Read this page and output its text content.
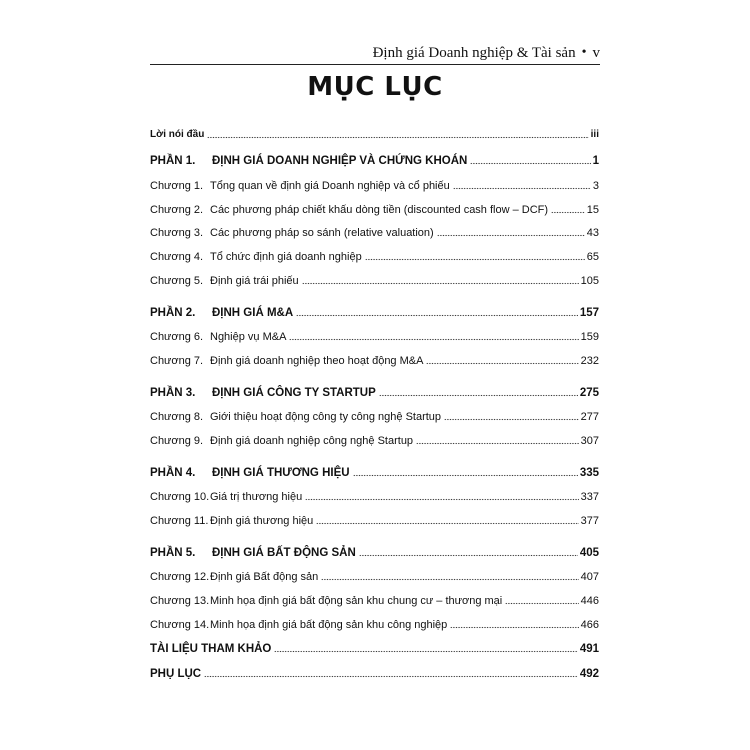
Định giá Doanh nghiệp & Tài sản • v
MỤC LỤC
Lời nói đầu	iii
PHẦN 1.	ĐỊNH GIÁ DOANH NGHIỆP VÀ CHỨNG KHOÁN	1
Chương 1. Tổng quan về định giá Doanh nghiệp và cổ phiếu	3
Chương 2. Các phương pháp chiết khấu dòng tiền (discounted cash flow – DCF)	15
Chương 3. Các phương pháp so sánh (relative valuation)	43
Chương 4. Tổ chức định giá doanh nghiệp	65
Chương 5. Định giá trái phiếu	105
PHẦN 2.	ĐỊNH GIÁ M&A	157
Chương 6. Nghiệp vụ M&A	159
Chương 7. Định giá doanh nghiệp theo hoạt động M&A	232
PHẦN 3.	ĐỊNH GIÁ CÔNG TY STARTUP	275
Chương 8. Giới thiệu hoạt động công ty công nghệ Startup	277
Chương 9. Định giá doanh nghiệp công nghệ Startup	307
PHẦN 4.	ĐỊNH GIÁ THƯƠNG HIỆU	335
Chương 10. Giá trị thương hiệu	337
Chương 11. Định giá thương hiệu	377
PHẦN 5.	ĐỊNH GIÁ BẤT ĐỘNG SẢN	405
Chương 12. Định giá Bất động sản	407
Chương 13. Minh họa định giá bất động sản khu chung cư – thương mại	446
Chương 14. Minh họa định giá bất động sản khu công nghiệp	466
TÀI LIỆU THAM KHẢO	491
PHỤ LỤC	492
